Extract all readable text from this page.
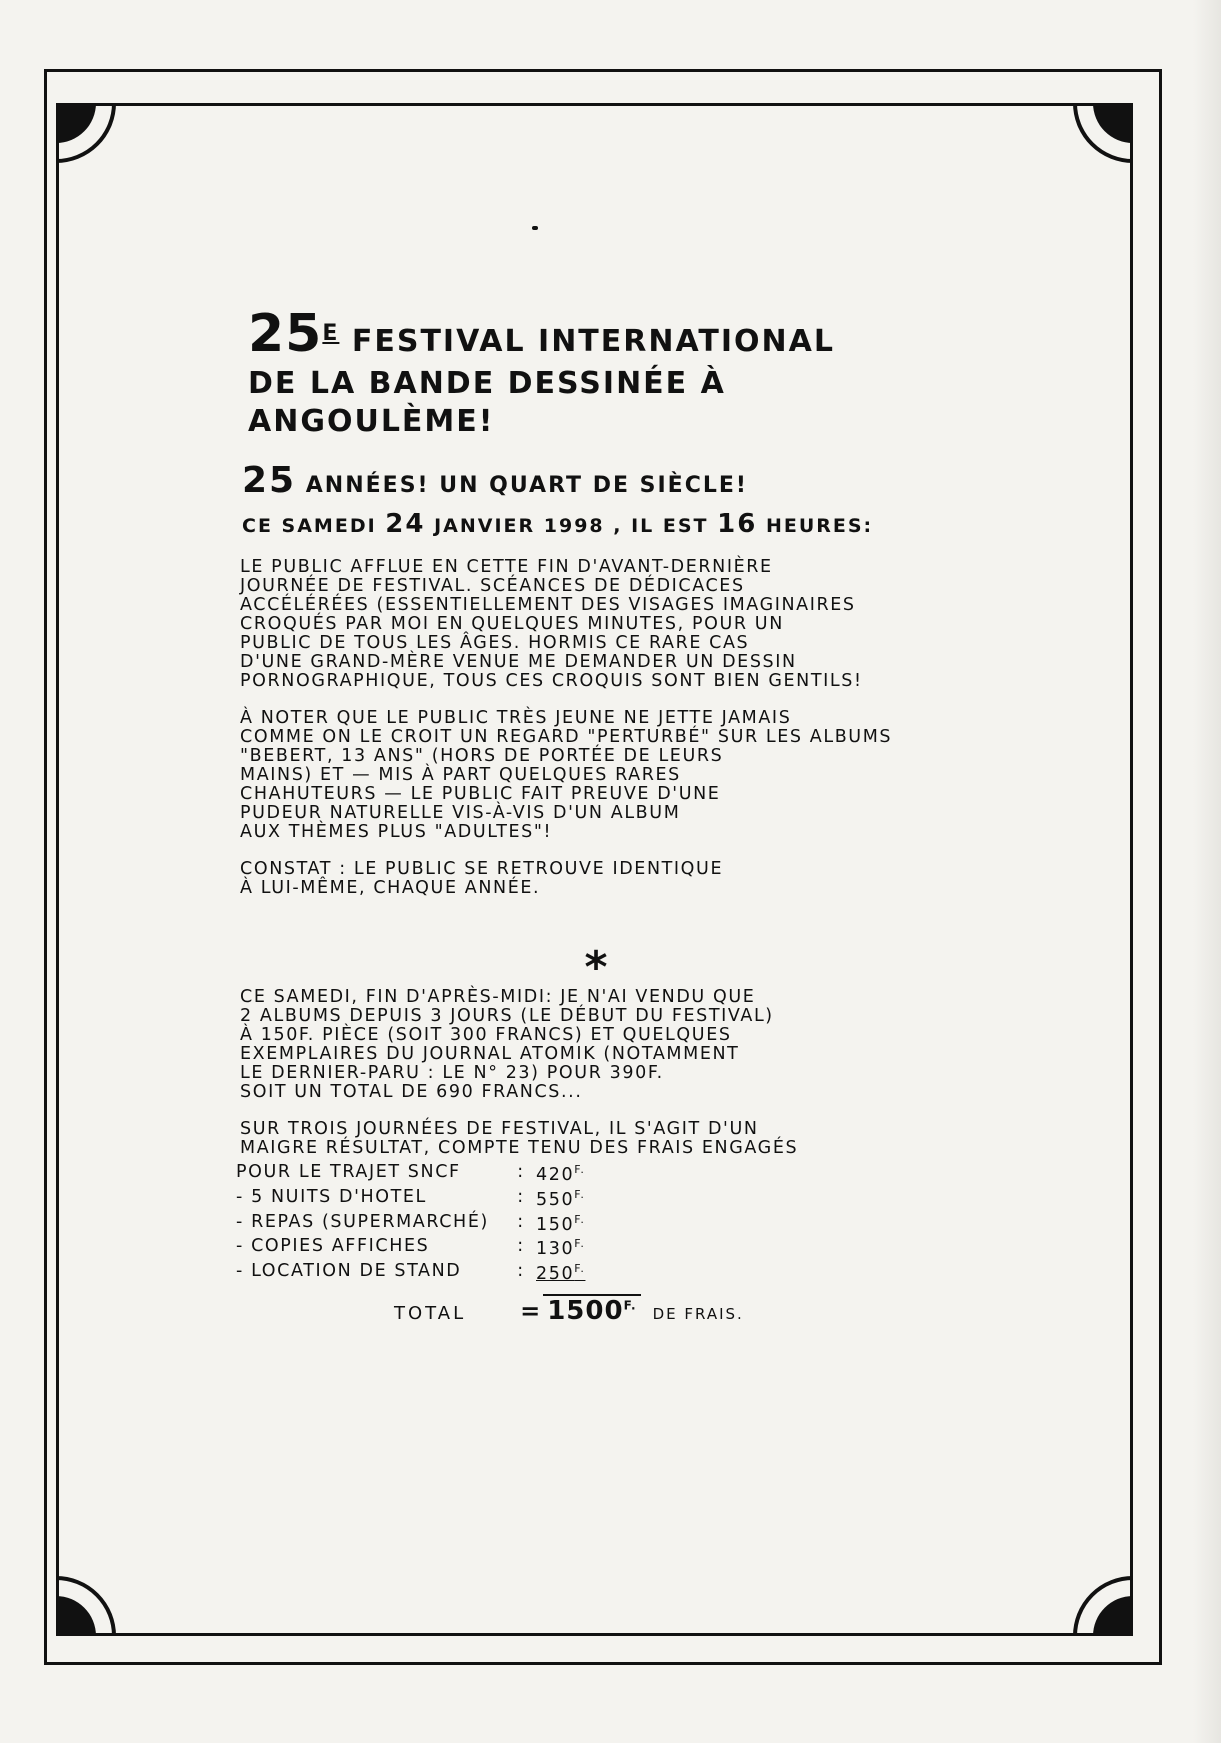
$25^E$ FESTIVAL INTERNATIONAL
DE LA BANDE DESSINÉE À
ANGOULÈME!
25 ANNÉES! UN QUART DE SIÈCLE!
CE SAMEDI 24 JANVIER 1998 , IL EST 16 HEURES:
LE PUBLIC AFFLUE EN CETTE FIN D'AVANT-DERNIÈRE
JOURNÉE DE FESTIVAL. SCÉANCES DE DÉDICACES
ACCÉLÉRÉES (ESSENTIELLEMENT DES VISAGES IMAGINAIRES
CROQUÉS PAR MOI EN QUELQUES MINUTES, POUR UN
PUBLIC DE TOUS LES ÂGES. HORMIS CE RARE CAS
D'UNE GRAND-MÈRE VENUE ME DEMANDER UN DESSIN
PORNOGRAPHIQUE, TOUS CES CROQUIS SONT BIEN GENTILS!
À NOTER QUE LE PUBLIC TRÈS JEUNE NE JETTE JAMAIS
COMME ON LE CROIT UN REGARD "PERTURBÉ" SUR LES ALBUMS
"BEBERT, 13 ANS" (HORS DE PORTÉE DE LEURS
MAINS) ET — MIS À PART QUELQUES RARES
CHAHUTEURS — LE PUBLIC FAIT PREUVE D'UNE
PUDEUR NATURELLE VIS-À-VIS D'UN ALBUM
AUX THÈMES PLUS "ADULTES"!
CONSTAT : LE PUBLIC SE RETROUVE IDENTIQUE
À LUI-MÊME, CHAQUE ANNÉE.
*
CE SAMEDI, FIN D'APRÈS-MIDI: JE N'AI VENDU QUE
2 ALBUMS DEPUIS 3 JOURS (LE DÉBUT DU FESTIVAL)
À 150F. PIÈCE (SOIT 300 FRANCS) ET QUELQUES
EXEMPLAIRES DU JOURNAL ATOMIK (NOTAMMENT
LE DERNIER-PARU : LE N° 23) POUR 390F.
SOIT UN TOTAL DE 690 FRANCS...
SUR TROIS JOURNÉES DE FESTIVAL, IL S'AGIT D'UN
MAIGRE RÉSULTAT, COMPTE TENU DES FRAIS ENGAGÉS
POUR LE TRAJET SNCF	:	$420^{F.}$
- 5 NUITS D'HOTEL	:	$550^{F.}$
- REPAS (SUPERMARCHÉ)	:	$150^{F.}$
- COPIES AFFICHES	:	$130^{F.}$
- LOCATION DE STAND	:	$250^{F.}$
TOTAL = $1500^{F.}$ DE FRAIS.
